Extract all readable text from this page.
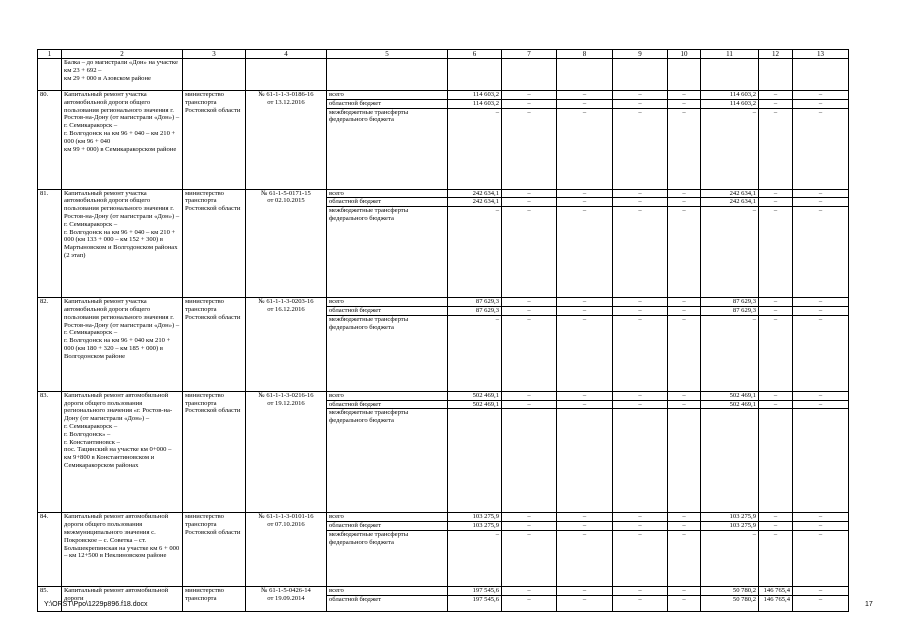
1	2	3	4	5	6	7	8	9	10	11	12	13
	Балка – до магистрали «Дон» на участке км 23 + 692 –
км 29 + 000 в Азовском районе											
80.	Капитальный ремонт участка автомобильной дороги общего пользования регионального значения г. Ростов-на-Дону (от магистрали «Дон») –
г. Семикаракорск –
г. Волгодонск на км 96 + 040 – км 210 + 000 (км 96 + 040
км 99 + 000) в Семикаракорском районе	министерство транспорта Ростовской области	№ 61-1-1-3-0186-16
от 13.12.2016	всего	114 603,2	–	–	–	–	114 603,2	–	–
				областной бюджет	114 603,2	–	–	–	–	114 603,2	–	–
				межбюджетные трансферты федерального бюджета	–	–	–	–	–	–	–	–
81.	Капитальный ремонт участка автомобильной дороги общего пользования регионального значения г. Ростов-на-Дону (от магистрали «Дон») –
г. Семикаракорск –
г. Волгодонск на км 96 + 040 – км 210 + 000 (км 133 + 000 – км 152 + 300) в Мартыновском и Волгодонском районах
(2 этап)	министерство транспорта Ростовской области	№ 61-1-5-0171-15
от 02.10.2015	всего	242 634,1	–	–	–	–	242 634,1	–	–
				областной бюджет	242 634,1	–	–	–	–	242 634,1	–	–
				межбюджетные трансферты федерального бюджета	–	–	–	–	–	–	–	–
82.	Капитальный ремонт участка автомобильной дороги общего пользования регионального значения г. Ростов-на-Дону (от магистрали «Дон») –
г. Семикаракорск –
г. Волгодонск на км 96 + 040 км 210 + 000 (км 180 + 320 – км 185 + 000) в Волгодонском районе	министерство транспорта Ростовской области	№ 61-1-1-3-0203-16
от 16.12.2016	всего	87 629,3	–	–	–	–	87 629,3	–	–
				областной бюджет	87 629,3	–	–	–	–	87 629,3	–	–
				межбюджетные трансферты федерального бюджета	–	–	–	–	–	–	–	–
83.	Капитальный ремонт автомобильной дороги общего пользования регионального значения «г. Ростов-на-Дону (от магистрали «Дон») –
г. Семикаракорск –
г. Волгодонск» –
г. Константиновск –
пос. Тацинский на участке км 0+000 – км 9+800 в Константиновском и Семикаракорском районах	министерство транспорта Ростовской области	№ 61-1-1-3-0216-16
от 19.12.2016	всего	502 469,1	–	–	–	–	502 469,1	–	–
				областной бюджет	502 469,1	–	–	–	–	502 469,1	–	–
				межбюджетные трансферты федерального бюджета								
84.	Капитальный ремонт автомобильной дороги общего пользования межмуниципального значения с. Покровское – с. Советка – ст. Большекрепинская на участке км 6 + 000 – км 12+500 в Неклиновском районе	министерство транспорта Ростовской области	№ 61-1-1-3-0101-16
от 07.10.2016	всего	103 275,9	–	–	–	–	103 275,9	–	–
				областной бюджет	103 275,9	–	–	–	–	103 275,9	–	–
				межбюджетные трансферты федерального бюджета	–	–	–	–	–	–	–	–
85.	Капитальный ремонт автомобильной дороги	министерство транспорта	№ 61-1-5-0426-14
от 19.09.2014	всего	197 545,6	–	–	–	–	50 780,2	146 765,4	–
				областной бюджет	197 545,6	–	–	–	–	50 780,2	146 765,4	–
Y:\ORST\Ppo\1229p896.f18.docx	17
